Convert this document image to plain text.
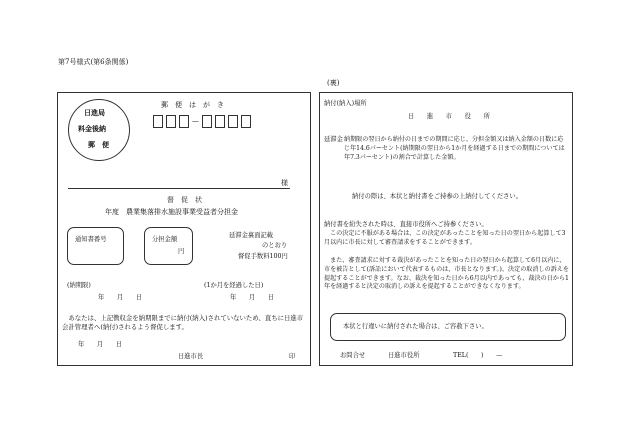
第7号様式(第6条関係)
(裏)
日進局
料金後納
郵　便
郵　便　は　が　き
—
様
督　促　状
年度　農業集落排水施設事業受益者分担金
通知書番号	分担金額
円
延滞金裏面記載
のとおり
督促手数料100円
(納期限)
年　　月　　日
(1か月を経過した日)
年　　月　　日
あなたは、上記徴収金を納期限までに納付(納入)されていないため、直ちに日進市会計管理者へ(納付)されるよう督促します。
年　　月　　日
日進市長	印
納付(納入)場所
日　　進　　市　　役　　所
延滞金 納期限の翌日から納付の日までの期間に応じ、分担金額又は納入金額の日数に応じ年14.6パーセント(納期限の翌日から1か月を経過する日までの期間については年7.3パーセント)の割合で計算した金額。
納付の際は、本状と納付書をご持参の上納付してください。
納付書を紛失された時は、直接市役所へご持参ください。
この決定に不服がある場合は、この決定があったことを知った日の翌日から起算して3月以内に市長に対して審査請求をすることができます。
また、審査請求に対する裁決があったことを知った日の翌日から起算して6月以内に、市を被告として(訴訟において代表するものは、市長となります。)、決定の取消しの訴えを提起することができます。なお、裁決を知った日から6月以内であっても、裁決の日から1年を経過すると決定の取消しの訴えを提起することができなくなります。
本状と行違いに納付された場合は、ご容赦下さい。
お問合せ	日進市役所	TEL(　　)　　—
